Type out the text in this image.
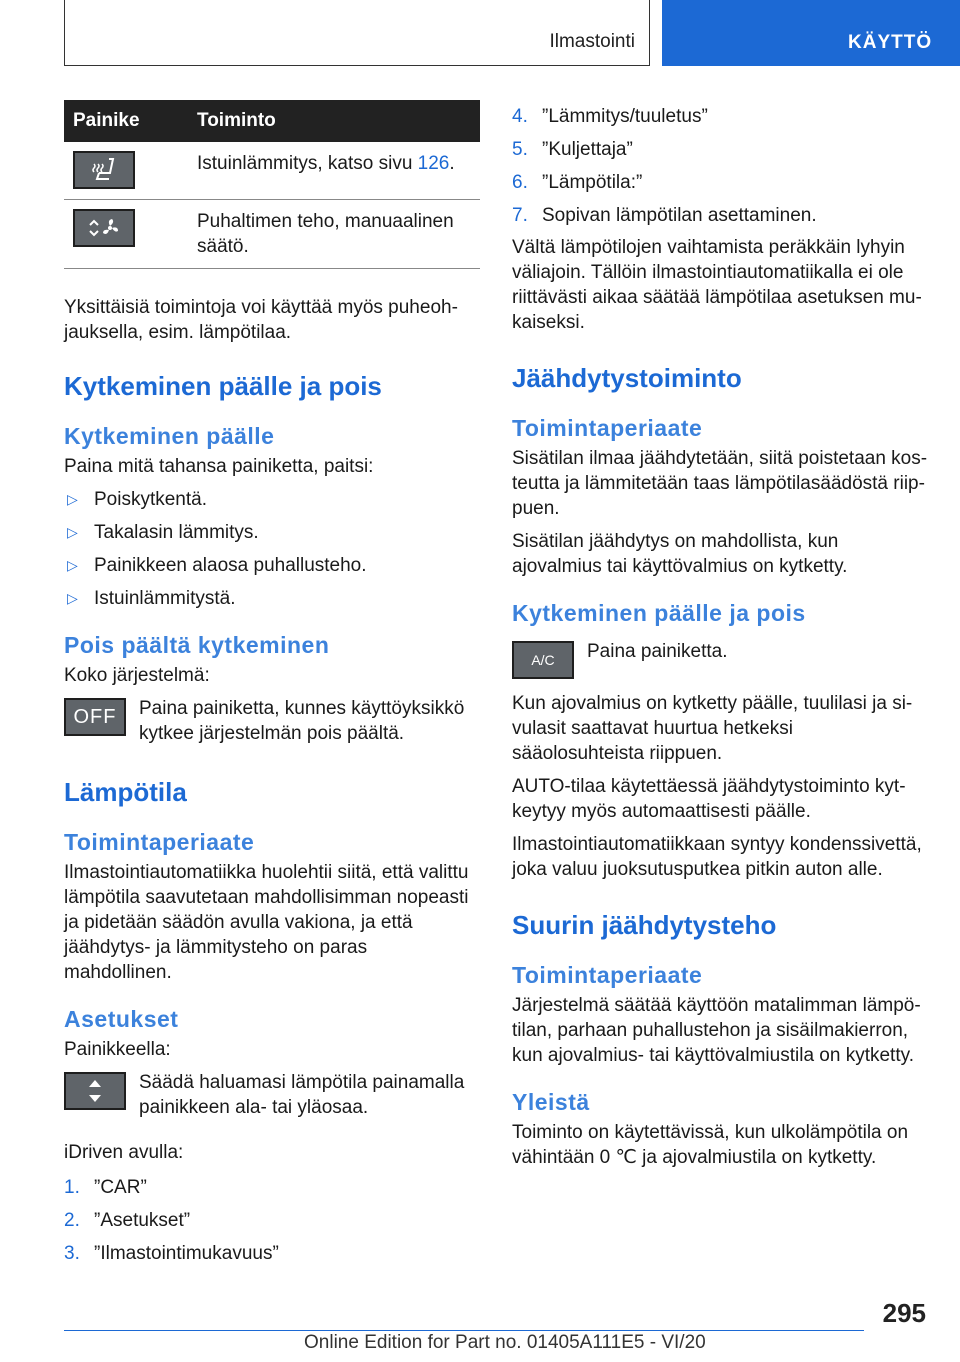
Ilmastointi	KÄYTTÖ
Painike	Toiminto

	Istuinlämmitys, katso sivu 126.

	Puhaltimen teho, manuaalinen säätö.

Yksittäisiä toimintoja voi käyttää myös puheohjauksella, esim. lämpötilaa.

Kytkeminen päälle ja pois
Kytkeminen päälle

Paina mitä tahansa painiketta, paitsi:

▷ Poiskytkentä.
▷ Takalasin lämmitys.
▷ Painikkeen alaosa puhallusteho.
▷ Istuinlämmitystä.
Pois päältä kytkeminen

Koko järjestelmä:

OFF	Paina painiketta, kunnes käyttöyksikkö kytkee järjestelmän pois päältä.

Lämpötila
Toimintaperiaate

Ilmastointiautomatiikka huolehtii siitä, että valittu lämpötila saavutetaan mahdollisimman nopeasti ja pidetään säädön avulla vakiona, ja että jäähdytys- ja lämmitysteho on paras mahdollinen.

Asetukset

Painikkeella:

Säädä haluamasi lämpötila painamalla painikkeen ala- tai yläosaa.

iDriven avulla:

1. ”CAR”
2. ”Asetukset”
3. ”Ilmastointimukavuus”
4. ”Lämmitys/tuuletus”
5. ”Kuljettaja”
6. ”Lämpötila:”
7. Sopivan lämpötilan asettaminen.

Vältä lämpötilojen vaihtamista peräkkäin lyhyin väliajoin. Tällöin ilmastointiautomatiikalla ei ole riittävästi aikaa säätää lämpötilaa asetuksen mukaiseksi.

Jäähdytystoiminto
Toimintaperiaate

Sisätilan ilmaa jäähdytetään, siitä poistetaan kosteutta ja lämmitetään taas lämpötilasäädöstä riippuen.

Sisätilan jäähdytys on mahdollista, kun ajovalmius tai käyttövalmius on kytketty.

Kytkeminen päälle ja pois
A/C	Paina painiketta.

Kun ajovalmius on kytketty päälle, tuulilasi ja sivulasit saattavat huurtua hetkeksi sääolosuhteista riippuen.

AUTO-tilaa käytettäessä jäähdytystoiminto kytkeytyy myös automaattisesti päälle.

Ilmastointiautomatiikkaan syntyy kondenssivettä, joka valuu juoksutusputkea pitkin auton alle.

Suurin jäähdytysteho
Toimintaperiaate

Järjestelmä säätää käyttöön matalimman lämpötilan, parhaan puhallustehon ja sisäilmakierron, kun ajovalmius- tai käyttövalmiustila on kytketty.

Yleistä

Toiminto on käytettävissä, kun ulkolämpötila on vähintään 0 ℃ ja ajovalmiustila on kytketty.

295
Online Edition for Part no. 01405A111E5 - VI/20
